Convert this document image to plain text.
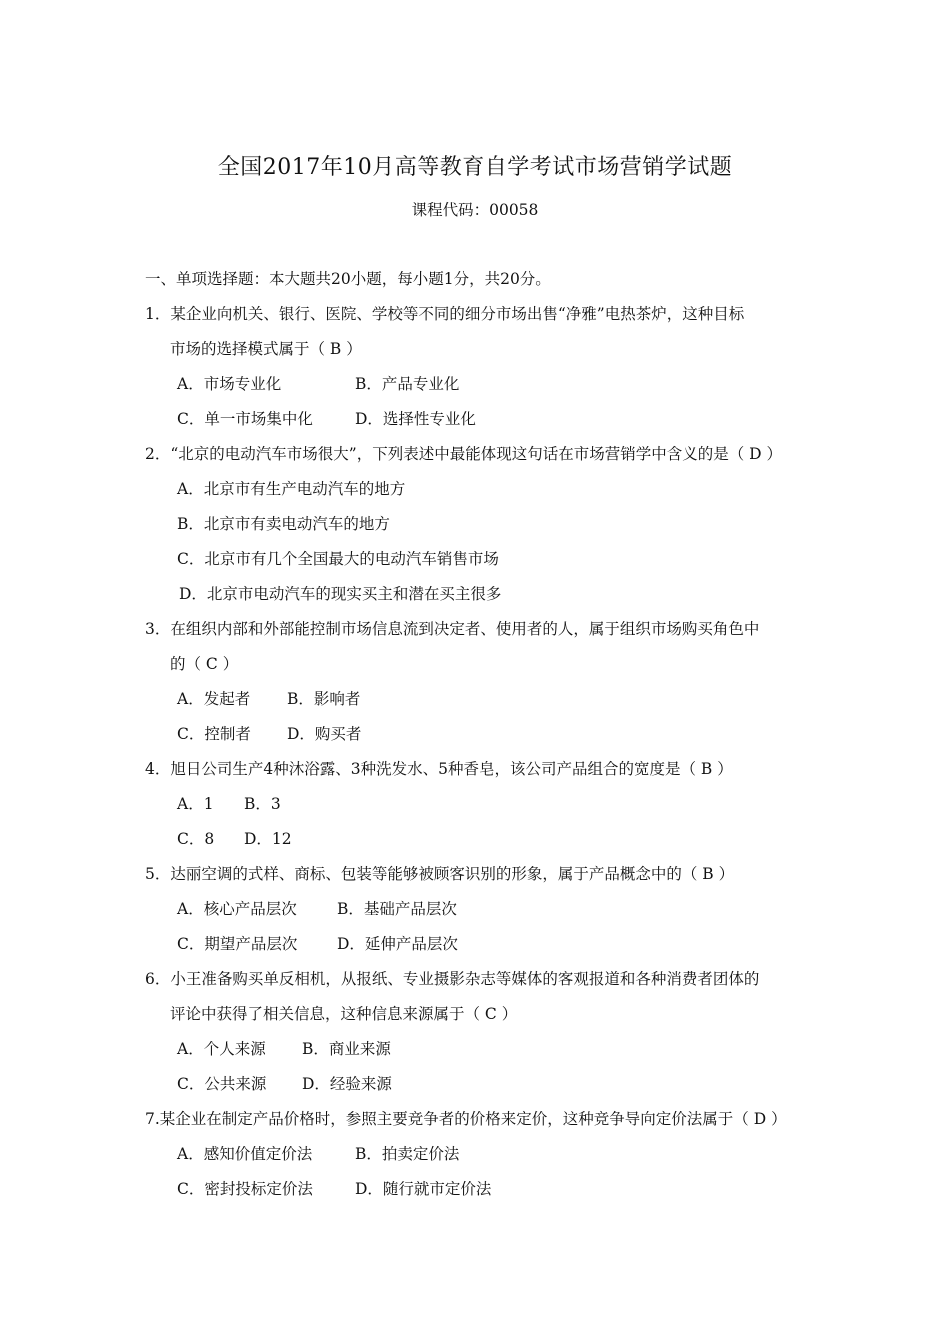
全国2017年10月高等教育自学考试市场营销学试题
课程代码：00058
一、单项选择题：本大题共20小题，每小题1分，共20分。
1．某企业向机关、银行、医院、学校等不同的细分市场出售“净雅”电热茶炉，这种目标
市场的选择模式属于（ B ）
A．市场专业化	B．产品专业化
C．单一市场集中化	D．选择性专业化
2．“北京的电动汽车市场很大”，下列表述中最能体现这句话在市场营销学中含义的是（ D ）
A．北京市有生产电动汽车的地方
B．北京市有卖电动汽车的地方
C．北京市有几个全国最大的电动汽车销售市场
D．北京市电动汽车的现实买主和潜在买主很多
3．在组织内部和外部能控制市场信息流到决定者、使用者的人，属于组织市场购买角色中
的（ C ）
A．发起者 B．影响者
C．控制者 D．购买者
4．旭日公司生产4种沐浴露、3种洗发水、5种香皂，该公司产品组合的宽度是（ B ）
A．1 B．3
C．8 D．12
5．达丽空调的式样、商标、包装等能够被顾客识别的形象，属于产品概念中的（ B ）
A．核心产品层次	B．基础产品层次
C．期望产品层次	D．延伸产品层次
6．小王准备购买单反相机，从报纸、专业摄影杂志等媒体的客观报道和各种消费者团体的
评论中获得了相关信息，这种信息来源属于（ C ）
A．个人来源 B．商业来源
C．公共来源 D．经验来源
7.某企业在制定产品价格时，参照主要竞争者的价格来定价，这种竞争导向定价法属于（ D ）
A．感知价值定价法	B．拍卖定价法
C．密封投标定价法	D．随行就市定价法
